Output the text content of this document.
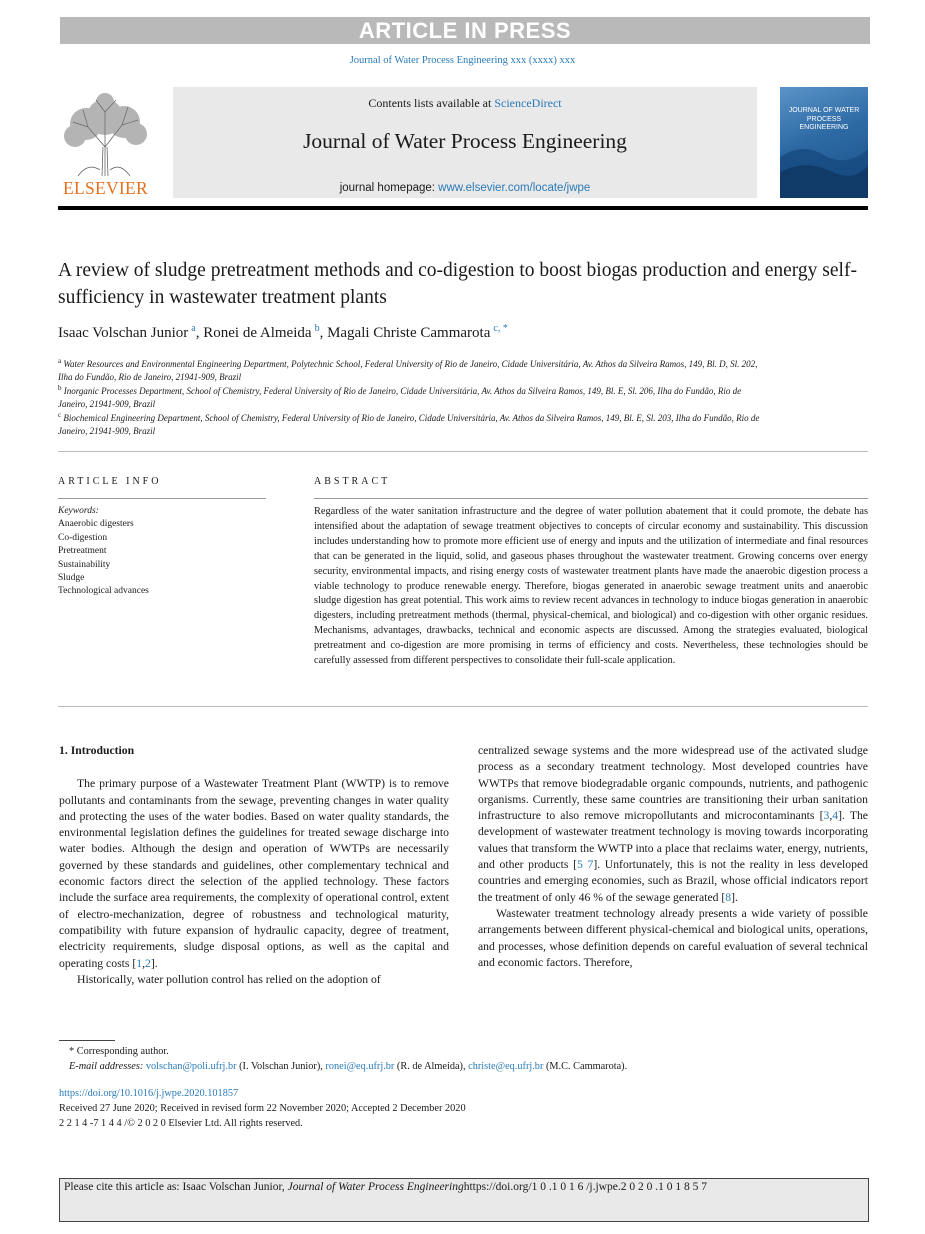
ARTICLE IN PRESS
Journal of Water Process Engineering xxx (xxxx) xxx
ELSEVIER
Contents lists available at ScienceDirect
Journal of Water Process Engineering
journal homepage: www.elsevier.com/locate/jwpe
JOURNAL OF WATER PROCESS ENGINEERING
A review of sludge pretreatment methods and co-digestion to boost biogas production and energy self-sufficiency in wastewater treatment plants
Isaac Volschan Junior  $^a$, Ronei de Almeida  $^b$, Magali Christe Cammarota  $^{c, *}$
$^a$ Water Resources and Environmental Engineering Department, Polytechnic School, Federal University of Rio de Janeiro, Cidade Universitária, Av. Athos da Silveira Ramos, 149, Bl. D, Sl. 202, Ilha do Fundão, Rio de Janeiro, 21941-909, Brazil
$^b$ Inorganic Processes Department, School of Chemistry, Federal University of Rio de Janeiro, Cidade Universitária, Av. Athos da Silveira Ramos, 149, Bl. E, Sl. 206, Ilha do Fundão, Rio de Janeiro, 21941-909, Brazil
$^c$ Biochemical Engineering Department, School of Chemistry, Federal University of Rio de Janeiro, Cidade Universitária, Av. Athos da Silveira Ramos, 149, Bl. E, Sl. 203, Ilha do Fundão, Rio de Janeiro, 21941-909, Brazil
ARTICLE INFO
Keywords:
Anaerobic digesters
Co-digestion
Pretreatment
Sustainability
Sludge
Technological advances
ABSTRACT
Regardless of the water sanitation infrastructure and the degree of water pollution abatement that it could promote, the debate has intensified about the adaptation of sewage treatment objectives to concepts of circular economy and sustainability. This discussion includes understanding how to promote more efficient use of energy and inputs and the utilization of intermediate and final resources that can be generated in the liquid, solid, and gaseous phases throughout the wastewater treatment. Growing concerns over energy security, environmental impacts, and rising energy costs of wastewater treatment plants have made the anaerobic digestion process a viable technology to produce renewable energy. Therefore, biogas generated in anaerobic sewage treatment units and anaerobic sludge digestion has great potential. This work aims to review recent advances in technology to induce biogas generation in anaerobic digesters, including pretreatment methods (thermal, physical-chemical, and biological) and co-digestion with other organic residues. Mechanisms, advantages, drawbacks, technical and economic aspects are discussed. Among the strategies evaluated, biological pretreatment and co-digestion are more promising in terms of efficiency and costs. Nevertheless, these technologies should be carefully assessed from different perspectives to consolidate their full-scale application.
1. Introduction

The primary purpose of a Wastewater Treatment Plant (WWTP) is to remove pollutants and contaminants from the sewage, preventing changes in water quality and protecting the uses of the water bodies. Based on water quality standards, the environmental legislation defines the guidelines for treated sewage discharge into water bodies. Although the design and operation of WWTPs are necessarily governed by these standards and guidelines, other complementary technical and economic factors direct the selection of the applied technology. These factors include the surface area requirements, the complexity of operational control, extent of electro-mechanization, degree of robustness and technological maturity, compatibility with future expansion of hydraulic capacity, degree of treatment, electricity requirements, sludge disposal options, as well as the capital and operating costs [1,2].

Historically, water pollution control has relied on the adoption of

centralized sewage systems and the more widespread use of the activated sludge process as a secondary treatment technology. Most developed countries have WWTPs that remove biodegradable organic compounds, nutrients, and pathogenic organisms. Currently, these same countries are transitioning their urban sanitation infrastructure to also remove micropollutants and microcontaminants [3,4]. The development of wastewater treatment technology is moving towards incorporating values that transform the WWTP into a place that reclaims water, energy, nutrients, and other products [5 7]. Unfortunately, this is not the reality in less developed countries and emerging economies, such as Brazil, whose official indicators report the treatment of only 46 % of the sewage generated [8].

Wastewater treatment technology already presents a wide variety of possible arrangements between different physical-chemical and biological units, operations, and processes, whose definition depends on careful evaluation of several technical and economic factors. Therefore,

* Corresponding author.
E-mail addresses: volschan@poli.ufrj.br (I. Volschan Junior), ronei@eq.ufrj.br (R. de Almeida), christe@eq.ufrj.br (M.C. Cammarota).
https://doi.org/10.1016/j.jwpe.2020.101857
Received 27 June 2020; Received in revised form 22 November 2020; Accepted 2 December 2020
2 2 1 4 -7 1 4 4 /© 2 0 2 0 Elsevier Ltd. All rights reserved.
Please cite this article as: Isaac Volschan Junior, Journal of Water Process Engineeringhttps://doi.org/1 0 .1 0 1 6 /j.jwpe.2 0 2 0 .1 0 1 8 5 7
